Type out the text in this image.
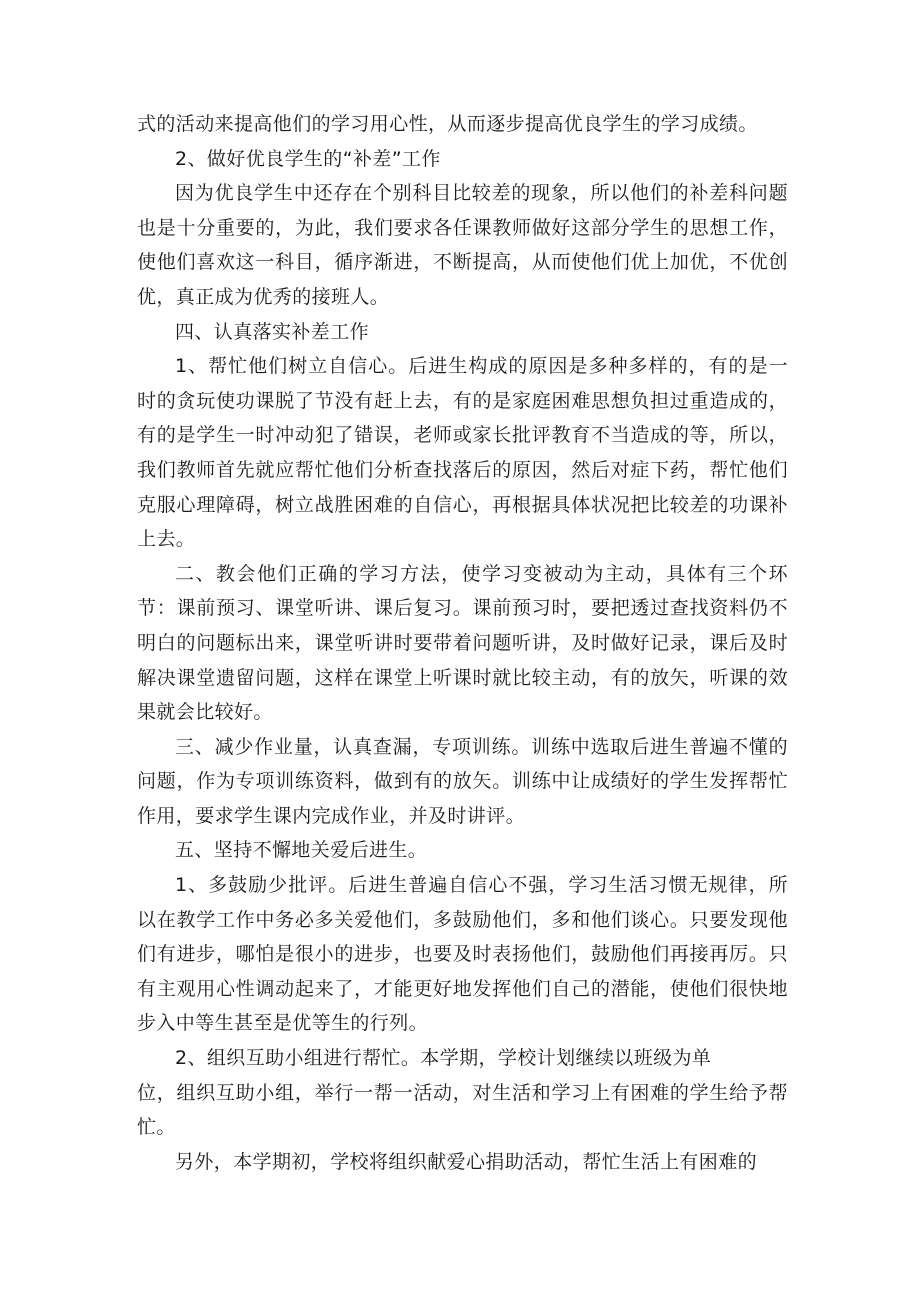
式的活动来提高他们的学习用心性，从而逐步提高优良学生的学习成绩。

2、做好优良学生的“补差”工作

因为优良学生中还存在个别科目比较差的现象，所以他们的补差科问题也是十分重要的，为此，我们要求各任课教师做好这部分学生的思想工作，使他们喜欢这一科目，循序渐进，不断提高，从而使他们优上加优，不优创优，真正成为优秀的接班人。

四、认真落实补差工作

1、帮忙他们树立自信心。后进生构成的原因是多种多样的，有的是一时的贪玩使功课脱了节没有赶上去，有的是家庭困难思想负担过重造成的，有的是学生一时冲动犯了错误，老师或家长批评教育不当造成的等，所以，我们教师首先就应帮忙他们分析查找落后的原因，然后对症下药，帮忙他们克服心理障碍，树立战胜困难的自信心，再根据具体状况把比较差的功课补上去。

二、教会他们正确的学习方法，使学习变被动为主动，具体有三个环节：课前预习、课堂听讲、课后复习。课前预习时，要把透过查找资料仍不明白的问题标出来，课堂听讲时要带着问题听讲，及时做好记录，课后及时解决课堂遗留问题，这样在课堂上听课时就比较主动，有的放矢，听课的效果就会比较好。

三、减少作业量，认真查漏，专项训练。训练中选取后进生普遍不懂的问题，作为专项训练资料，做到有的放矢。训练中让成绩好的学生发挥帮忙作用，要求学生课内完成作业，并及时讲评。

五、坚持不懈地关爱后进生。

1、多鼓励少批评。后进生普遍自信心不强，学习生活习惯无规律，所以在教学工作中务必多关爱他们，多鼓励他们，多和他们谈心。只要发现他们有进步，哪怕是很小的进步，也要及时表扬他们，鼓励他们再接再厉。只有主观用心性调动起来了，才能更好地发挥他们自己的潜能，使他们很快地步入中等生甚至是优等生的行列。

2、组织互助小组进行帮忙。本学期，学校计划继续以班级为单

位，组织互助小组，举行一帮一活动，对生活和学习上有困难的学生给予帮忙。

另外，本学期初，学校将组织献爱心捐助活动，帮忙生活上有困难的
